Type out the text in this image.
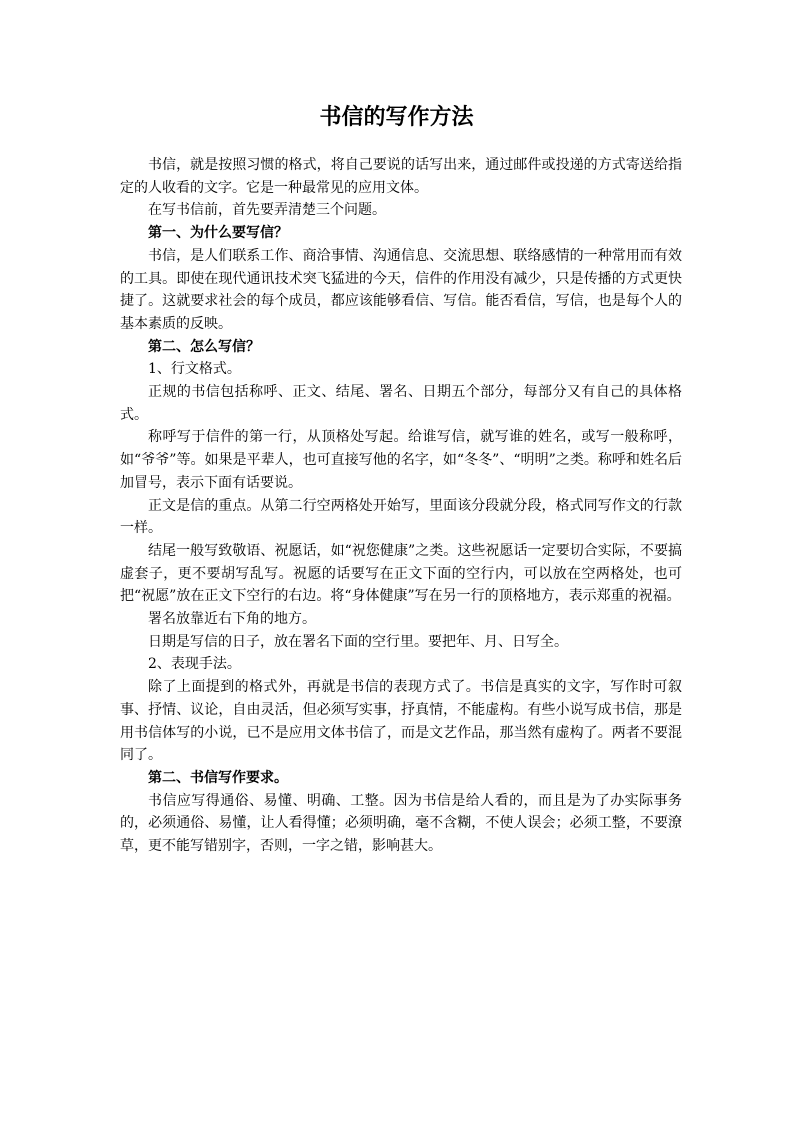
书信的写作方法

书信，就是按照习惯的格式，将自己要说的话写出来，通过邮件或投递的方式寄送给指定的人收看的文字。它是一种最常见的应用文体。

在写书信前，首先要弄清楚三个问题。

第一、为什么要写信？

书信，是人们联系工作、商洽事情、沟通信息、交流思想、联络感情的一种常用而有效的工具。即使在现代通讯技术突飞猛进的今天，信件的作用没有减少，只是传播的方式更快捷了。这就要求社会的每个成员，都应该能够看信、写信。能否看信，写信，也是每个人的基本素质的反映。

第二、怎么写信？

1、行文格式。

正规的书信包括称呼、正文、结尾、署名、日期五个部分，每部分又有自己的具体格式。

称呼写于信件的第一行，从顶格处写起。给谁写信，就写谁的姓名，或写一般称呼，如“爷爷”等。如果是平辈人，也可直接写他的名字，如“冬冬”、“明明”之类。称呼和姓名后加冒号，表示下面有话要说。

正文是信的重点。从第二行空两格处开始写，里面该分段就分段，格式同写作文的行款一样。

结尾一般写致敬语、祝愿话，如“祝您健康”之类。这些祝愿话一定要切合实际，不要搞虚套子，更不要胡写乱写。祝愿的话要写在正文下面的空行内，可以放在空两格处，也可把“祝愿”放在正文下空行的右边。将“身体健康”写在另一行的顶格地方，表示郑重的祝福。

署名放靠近右下角的地方。

日期是写信的日子，放在署名下面的空行里。要把年、月、日写全。

2、表现手法。

除了上面提到的格式外，再就是书信的表现方式了。书信是真实的文字，写作时可叙事、抒情、议论，自由灵活，但必须写实事，抒真情，不能虚构。有些小说写成书信，那是用书信体写的小说，已不是应用文体书信了，而是文艺作品，那当然有虚构了。两者不要混同了。

第二、书信写作要求。

书信应写得通俗、易懂、明确、工整。因为书信是给人看的，而且是为了办实际事务的，必须通俗、易懂，让人看得懂；必须明确，毫不含糊，不使人误会；必须工整，不要潦草，更不能写错别字，否则，一字之错，影响甚大。
